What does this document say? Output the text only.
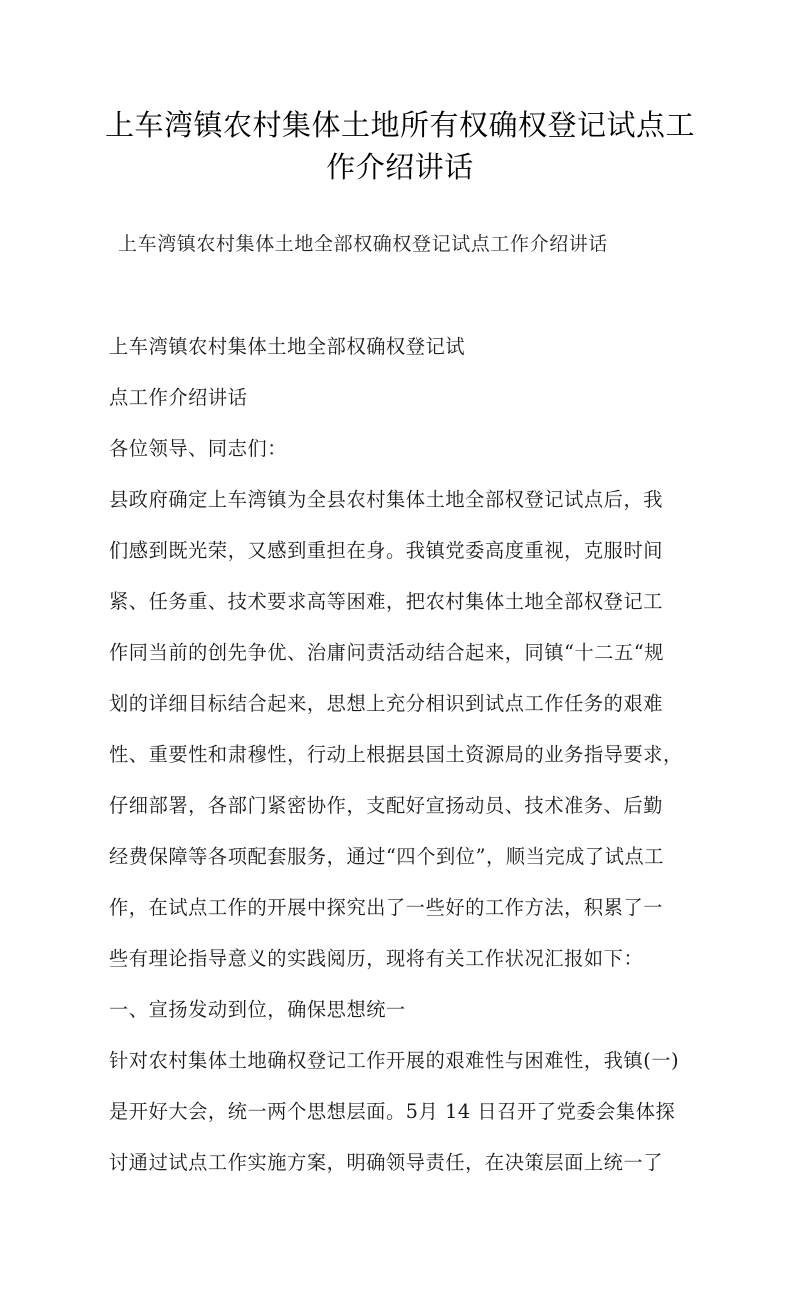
上车湾镇农村集体土地所有权确权登记试点工
作介绍讲话
上车湾镇农村集体土地全部权确权登记试点工作介绍讲话
上车湾镇农村集体土地全部权确权登记试
点工作介绍讲话
各位领导、同志们：
县政府确定上车湾镇为全县农村集体土地全部权登记试点后，我
们感到既光荣，又感到重担在身。我镇党委高度重视，克服时间
紧、任务重、技术要求高等困难，把农村集体土地全部权登记工
作同当前的创先争优、治庸问责活动结合起来，同镇“十二五“规
划的详细目标结合起来，思想上充分相识到试点工作任务的艰难
性、重要性和肃穆性，行动上根据县国土资源局的业务指导要求，
仔细部署，各部门紧密协作，支配好宣扬动员、技术准务、后勤
经费保障等各项配套服务，通过“四个到位”，顺当完成了试点工
作，在试点工作的开展中探究出了一些好的工作方法，积累了一
些有理论指导意义的实践阅历，现将有关工作状况汇报如下：
一、宣扬发动到位，确保思想统一
针对农村集体土地确权登记工作开展的艰难性与困难性，我镇(一)
是开好大会，统一两个思想层面。5月 14 日召开了党委会集体探
讨通过试点工作实施方案，明确领导责任，在决策层面上统一了
